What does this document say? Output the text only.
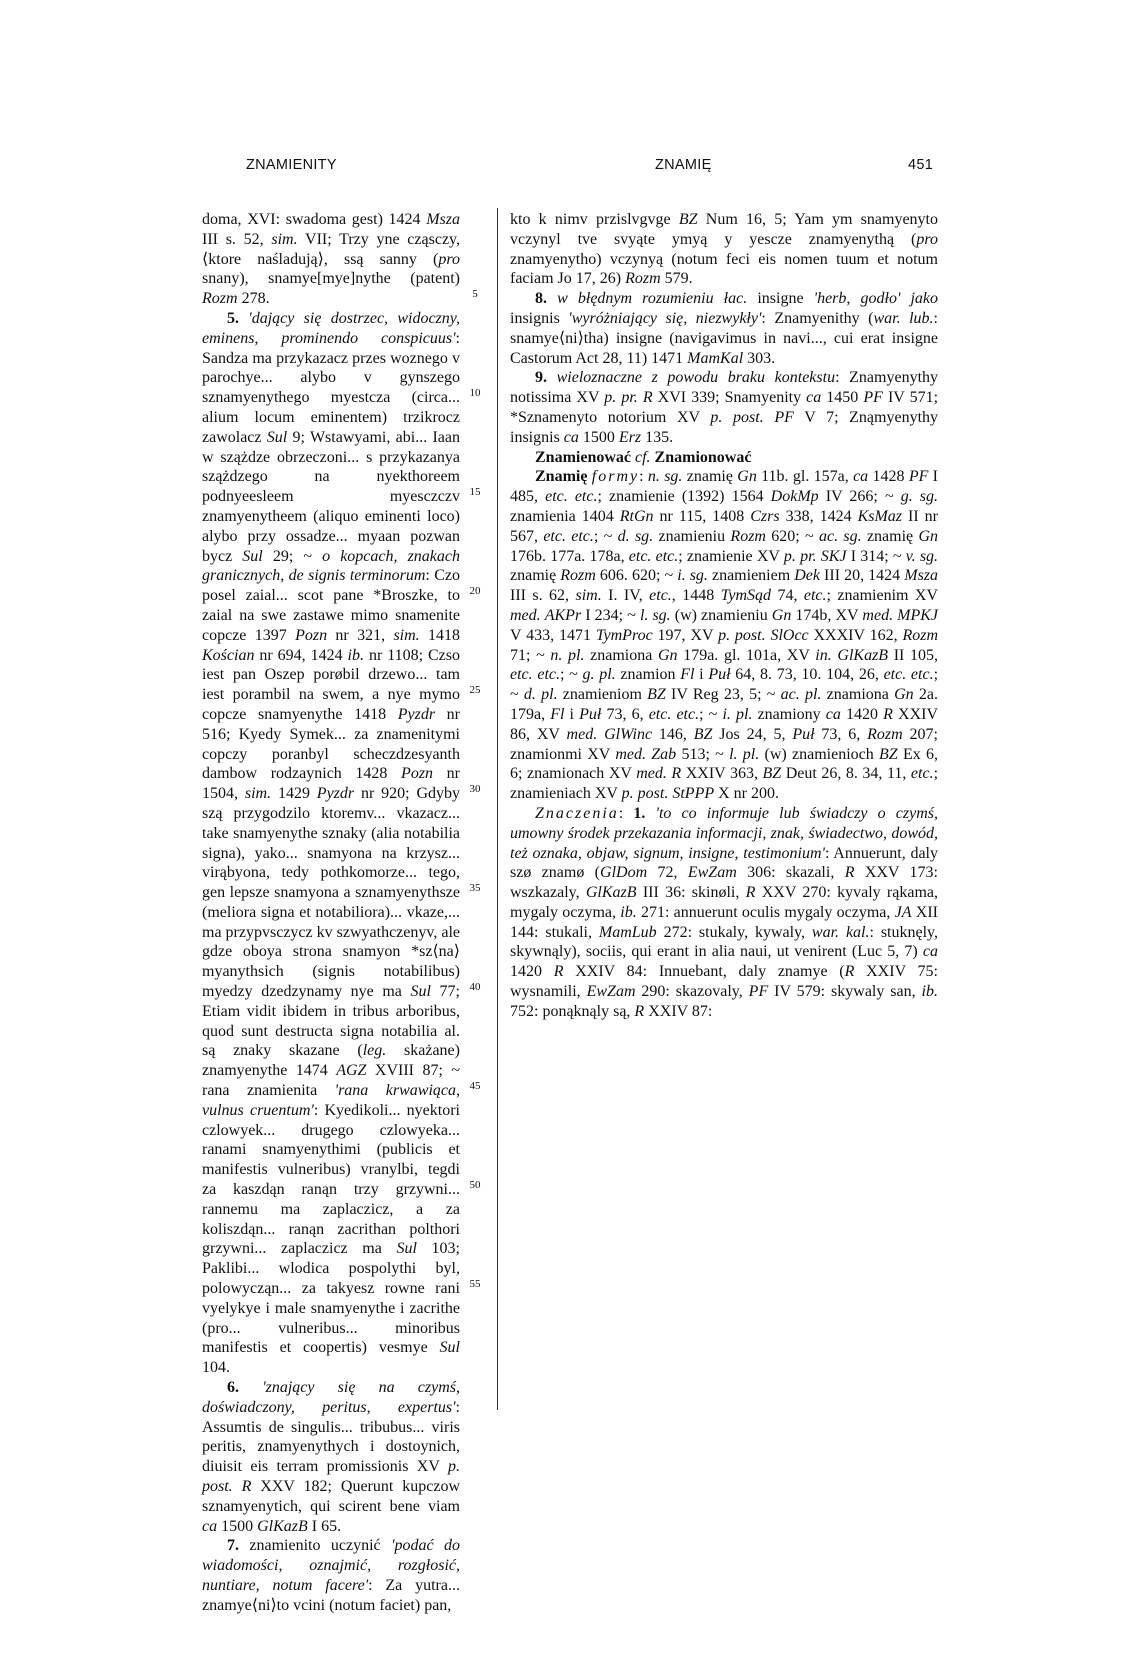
ZNAMIENITY	ZNAMIĘ	451

doma, XVI: swadoma gest) 1424 Msza III s. 52, sim. VII; Trzy yne cząsczy, ⟨ktore naśladują⟩, ssą sanny (pro snany), snamye[mye]nythe (patent) Rozm 278.

5. 'dający się dostrzec, widoczny, eminens, prominendo conspicuus': Sandza ma przykazacz przes woznego v parochye... alybo v gynszego sznamyenythego myestcza (circa... alium locum eminentem) trzikrocz zawolacz Sul 9; Wstawyami, abi... Iaan w szążdze obrzeczoni... s przykazanya szążdzego na nyekthoreem podnyeesleem myesczczv znamyenytheem (aliquo eminenti loco) alybo przy ossadze... myaan pozwan bycz Sul 29; ~ o kopcach, znakach granicznych, de signis terminorum: Czo posel zaial... scot pane *Broszke, to zaial na swe zastawe mimo snamenite copcze 1397 Pozn nr 321, sim. 1418 Kościan nr 694, 1424 ib. nr 1108; Czso iest pan Oszep porøbil drzewo... tam iest porambil na swem, a nye mymo copcze snamyenythe 1418 Pyzdr nr 516; Kyedy Symek... za znamenitymi copczy poranbyl scheczdzesyanth dambow rodzaynich 1428 Pozn nr 1504, sim. 1429 Pyzdr nr 920; Gdyby szą przygodzilo ktoremv... vkazacz... take snamyenythe sznaky (alia notabilia signa), yako... snamyona na krzysz... virąbyona, tedy pothkomorze... tego, gen lepsze snamyona a sznamyenythsze (meliora signa et notabiliora)... vkaze,... ma przypvsczycz kv szwyathczenyv, ale gdze oboya strona snamyon *sz⟨na⟩myanythsich (signis notabilibus) myedzy dzedzynamy nye ma Sul 77; Etiam vidit ibidem in tribus arboribus, quod sunt destructa signa notabilia al. są znaky skazane (leg. skażane) znamyenythe 1474 AGZ XVIII 87; ~ rana znamienita 'rana krwawiąca, vulnus cruentum': Kyedikoli... nyektori czlowyek... drugego czlowyeka... ranami snamyenythimi (publicis et manifestis vulneribus) vranylbi, tegdi za kaszdąn ranąn trzy grzywni... rannemu ma zaplaczicz, a za koliszdąn... ranąn zacrithan polthori grzywni... zaplaczicz ma Sul 103; Paklibi... wlodica pospolythi byl, polowycząn... za takyesz rowne rani vyelykye i male snamyenythe i zacrithe (pro... vulneribus... minoribus manifestis et coopertis) vesmye Sul 104.

6. 'znający się na czymś, doświadczony, peritus, expertus': Assumtis de singulis... tribubus... viris peritis, znamyenythych i dostoynich, diuisit eis terram promissionis XV p. post. R XXV 182; Querunt kupczow sznamyenytich, qui scirent bene viam ca 1500 GlKazB I 65.

7. znamienito uczynić 'podać do wiadomości, oznajmić, rozgłosić, nuntiare, notum facere': Za yutra... znamye⟨ni⟩to vcini (notum faciet) pan,

5
10
15
20
25
30
35
40
45
50
55

kto k nimv przislvgvge BZ Num 16, 5; Yam ym snamyenyto vczynyl tve svyąte ymyą y yescze znamyenythą (pro znamyenytho) vczynyą (notum feci eis nomen tuum et notum faciam Jo 17, 26) Rozm 579.

8. w błędnym rozumieniu łac. insigne 'herb, godło' jako insignis 'wyróżniający się, niezwykły': Znamyenithy (war. lub.: snamye⟨ni⟩tha) insigne (navigavimus in navi..., cui erat insigne Castorum Act 28, 11) 1471 MamKal 303.

9. wieloznaczne z powodu braku kontekstu: Znamyenythy notissima XV p. pr. R XVI 339; Snamyenity ca 1450 PF IV 571; *Sznamenyto notorium XV p. post. PF V 7; Znąmyenythy insignis ca 1500 Erz 135.

Znamienować cf. Znamionować

Znamię formy: n. sg. znamię Gn 11b. gl. 157a, ca 1428 PF I 485, etc. etc.; znamienie (1392) 1564 DokMp IV 266; ~ g. sg. znamienia 1404 RtGn nr 115, 1408 Czrs 338, 1424 KsMaz II nr 567, etc. etc.; ~ d. sg. znamieniu Rozm 620; ~ ac. sg. znamię Gn 176b. 177a. 178a, etc. etc.; znamienie XV p. pr. SKJ I 314; ~ v. sg. znamię Rozm 606. 620; ~ i. sg. znamieniem Dek III 20, 1424 Msza III s. 62, sim. I. IV, etc., 1448 TymSąd 74, etc.; znamienim XV med. AKPr I 234; ~ l. sg. (w) znamieniu Gn 174b, XV med. MPKJ V 433, 1471 TymProc 197, XV p. post. SlOcc XXXIV 162, Rozm 71; ~ n. pl. znamiona Gn 179a. gl. 101a, XV in. GlKazB II 105, etc. etc.; ~ g. pl. znamion Fl i Puł 64, 8. 73, 10. 104, 26, etc. etc.; ~ d. pl. znamieniom BZ IV Reg 23, 5; ~ ac. pl. znamiona Gn 2a. 179a, Fl i Puł 73, 6, etc. etc.; ~ i. pl. znamiony ca 1420 R XXIV 86, XV med. GlWinc 146, BZ Jos 24, 5, Puł 73, 6, Rozm 207; znamionmi XV med. Zab 513; ~ l. pl. (w) znamienioch BZ Ex 6, 6; znamionach XV med. R XXIV 363, BZ Deut 26, 8. 34, 11, etc.; znamieniach XV p. post. StPPP X nr 200.

Znaczenia: 1. 'to co informuje lub świadczy o czymś, umowny środek przekazania informacji, znak, świadectwo, dowód, też oznaka, objaw, signum, insigne, testimonium': Annuerunt, daly szø znamø (GlDom 72, EwZam 306: skazali, R XXV 173: wszkazaly, GlKazB III 36: skinøli, R XXV 270: kyvaly rąkama, mygaly oczyma, ib. 271: annuerunt oculis mygaly oczyma, JA XII 144: stukali, MamLub 272: stukaly, kywaly, war. kal.: stuknęly, skywnąly), sociis, qui erant in alia naui, ut venirent (Luc 5, 7) ca 1420 R XXIV 84: Innuebant, daly znamye (R XXIV 75: wysnamili, EwZam 290: skazovaly, PF IV 579: skywaly san, ib. 752: ponąknąly są, R XXIV 87:
